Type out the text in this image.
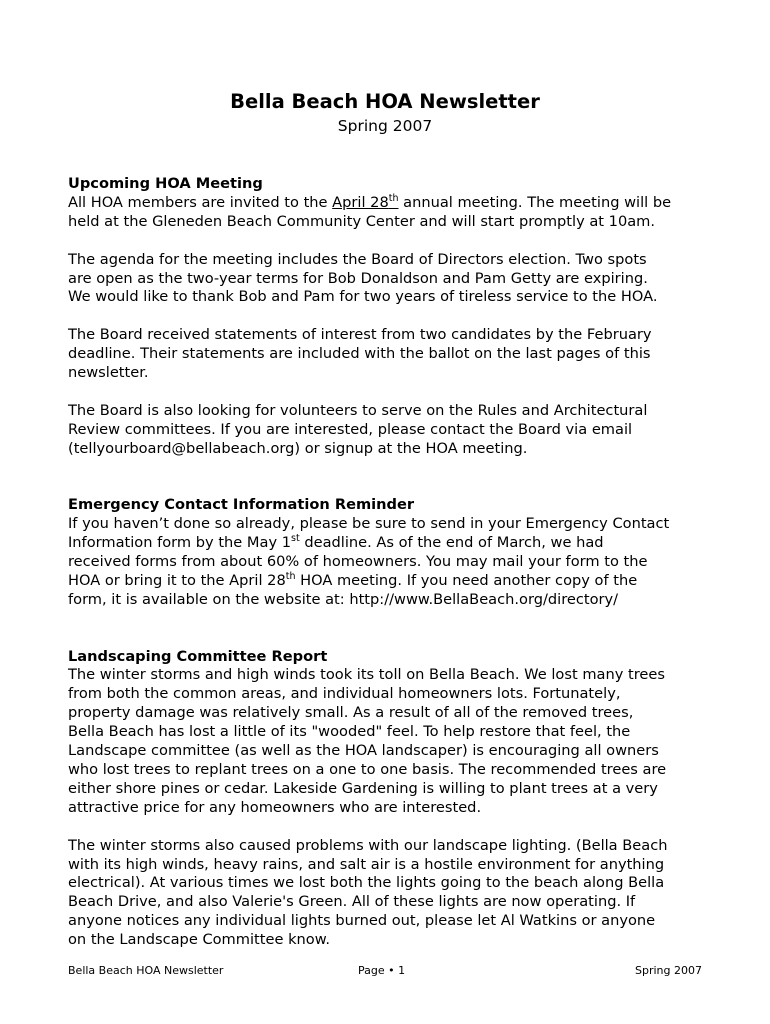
Bella Beach HOA Newsletter
Spring 2007

Upcoming HOA Meeting

All HOA members are invited to the April 28th annual meeting. The meeting will be
held at the Gleneden Beach Community Center and will start promptly at 10am.

The agenda for the meeting includes the Board of Directors election. Two spots
are open as the two-year terms for Bob Donaldson and Pam Getty are expiring.
We would like to thank Bob and Pam for two years of tireless service to the HOA.

The Board received statements of interest from two candidates by the February
deadline. Their statements are included with the ballot on the last pages of this
newsletter.

The Board is also looking for volunteers to serve on the Rules and Architectural
Review committees. If you are interested, please contact the Board via email
(tellyourboard@bellabeach.org) or signup at the HOA meeting.

Emergency Contact Information Reminder

If you haven’t done so already, please be sure to send in your Emergency Contact
Information form by the May 1st deadline. As of the end of March, we had
received forms from about 60% of homeowners. You may mail your form to the
HOA or bring it to the April 28th HOA meeting. If you need another copy of the
form, it is available on the website at: http://www.BellaBeach.org/directory/

Landscaping Committee Report

The winter storms and high winds took its toll on Bella Beach. We lost many trees
from both the common areas, and individual homeowners lots. Fortunately,
property damage was relatively small. As a result of all of the removed trees,
Bella Beach has lost a little of its "wooded" feel. To help restore that feel, the
Landscape committee (as well as the HOA landscaper) is encouraging all owners
who lost trees to replant trees on a one to one basis. The recommended trees are
either shore pines or cedar. Lakeside Gardening is willing to plant trees at a very
attractive price for any homeowners who are interested.

The winter storms also caused problems with our landscape lighting. (Bella Beach
with its high winds, heavy rains, and salt air is a hostile environment for anything
electrical). At various times we lost both the lights going to the beach along Bella
Beach Drive, and also Valerie's Green. All of these lights are now operating. If
anyone notices any individual lights burned out, please let Al Watkins or anyone
on the Landscape Committee know.

Bella Beach HOA Newsletter	Page • 1	Spring 2007
